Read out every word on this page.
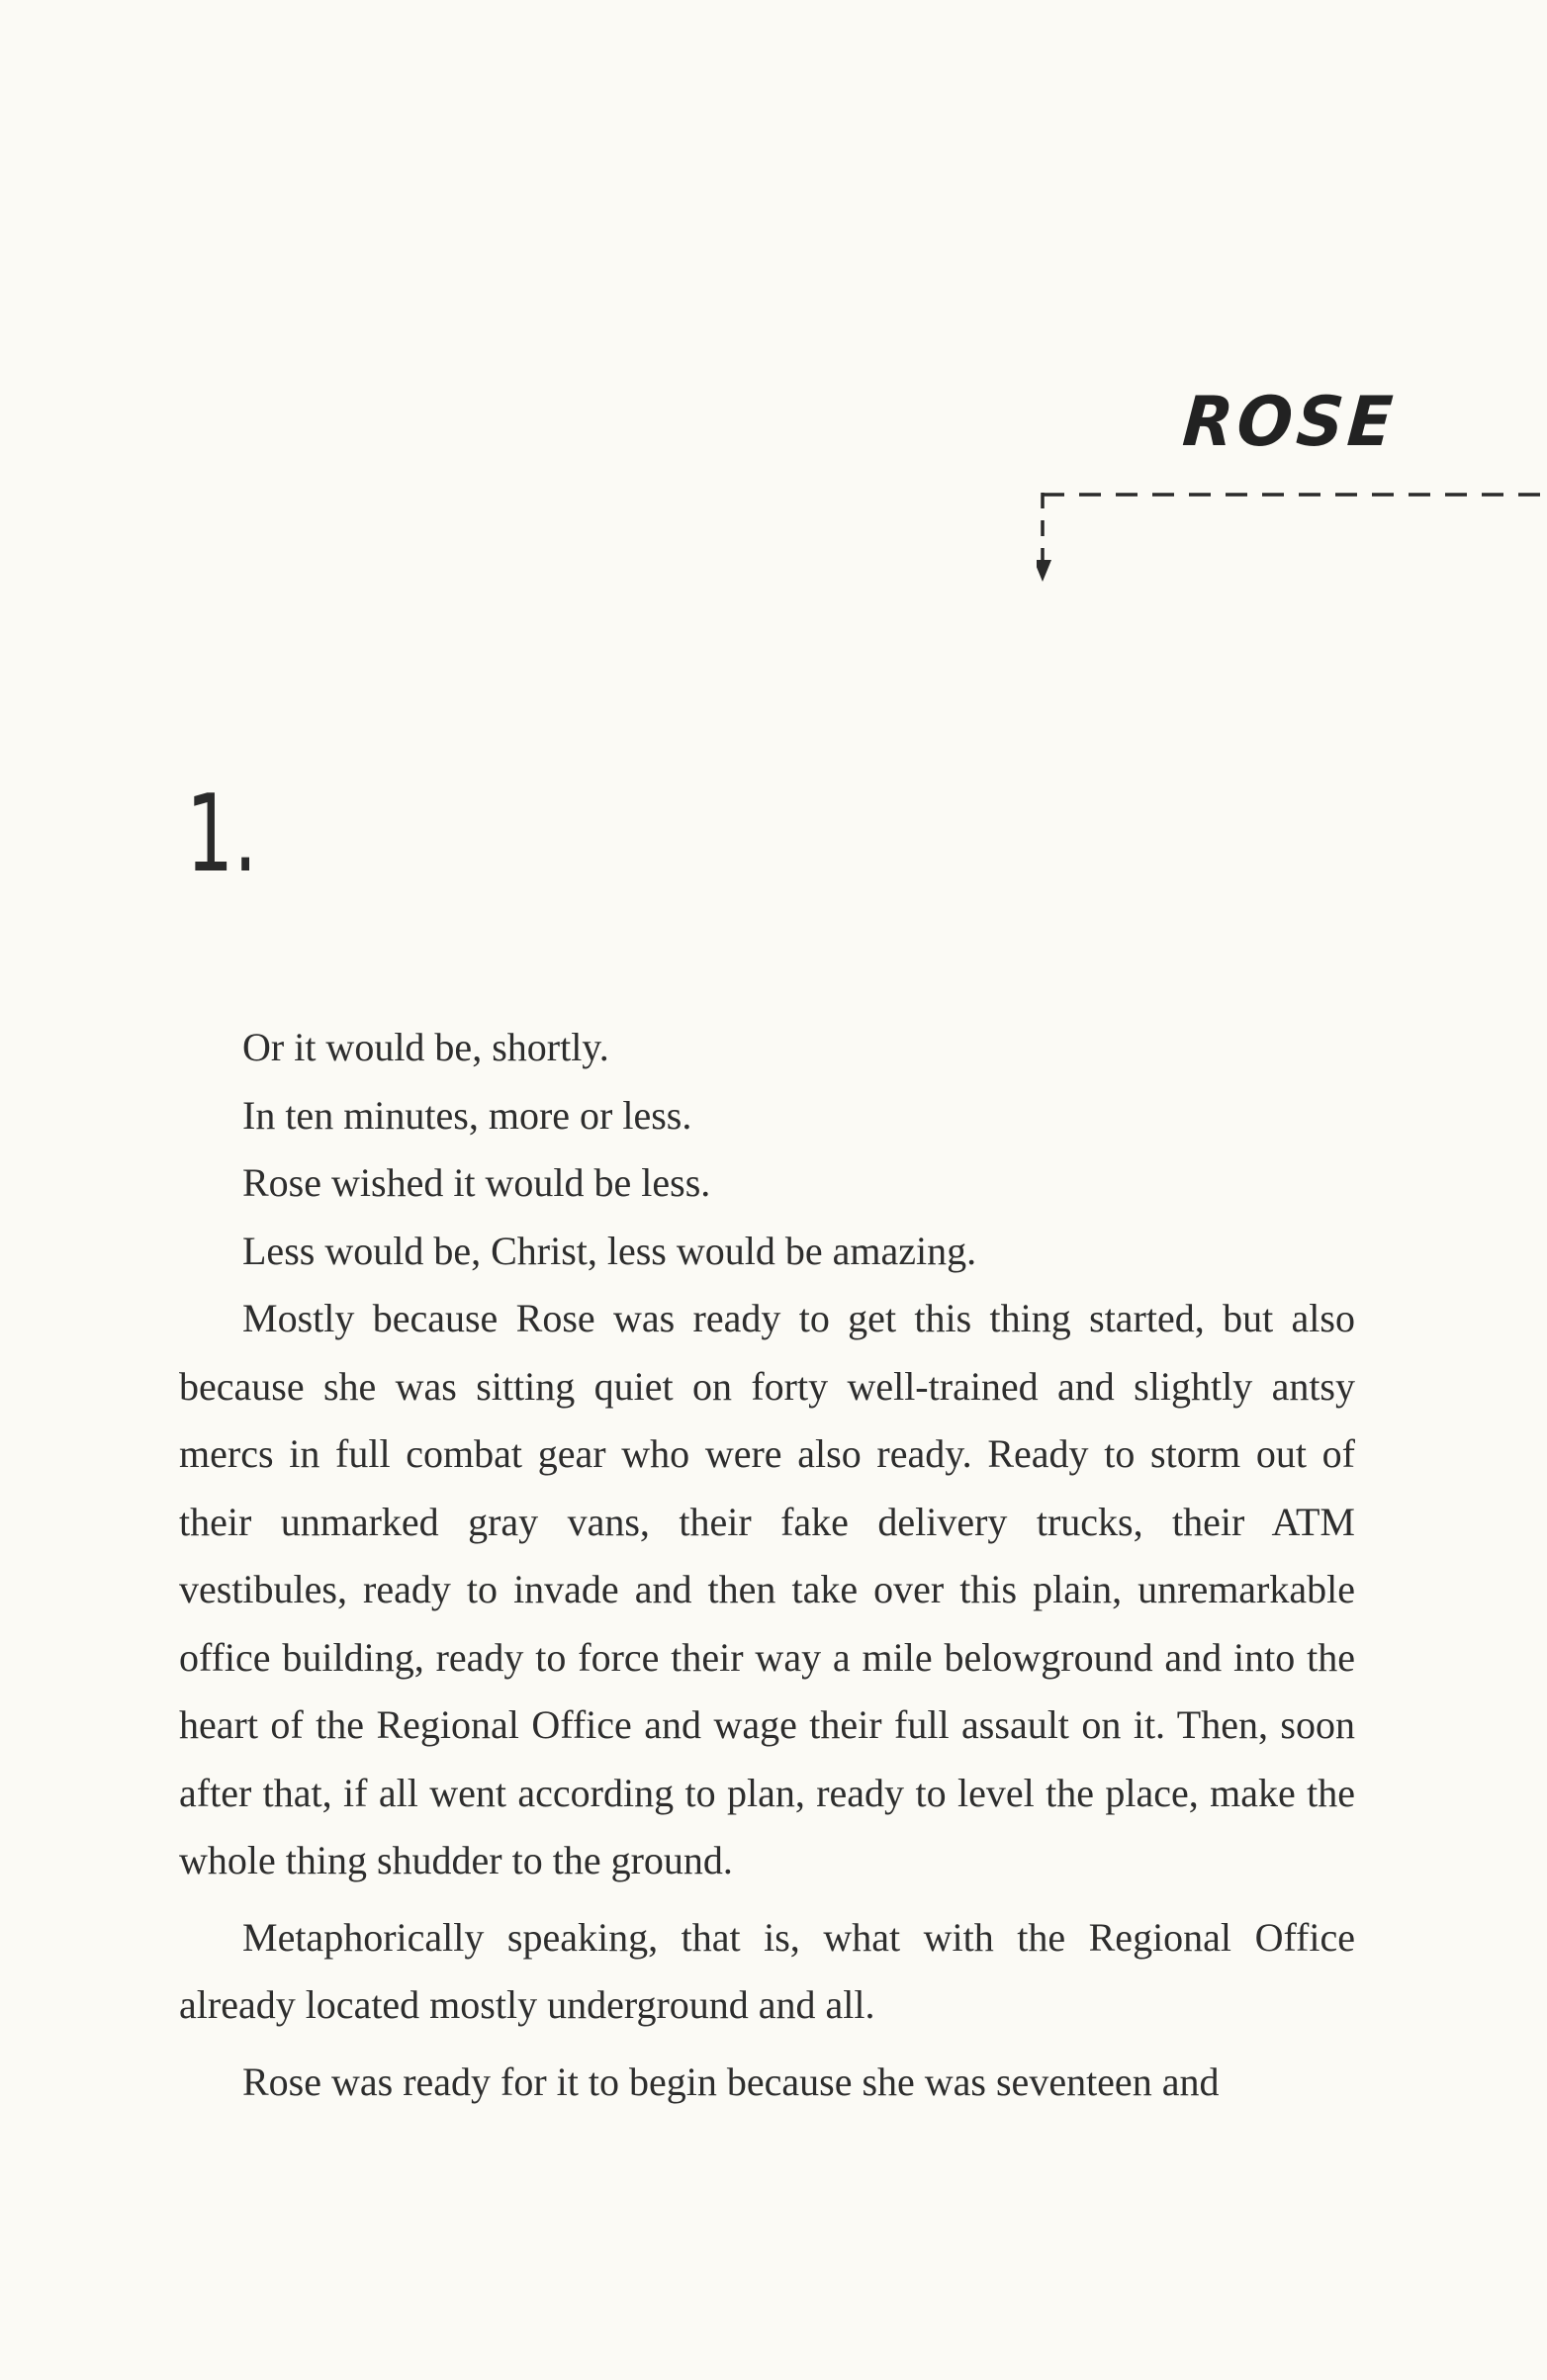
ROSE
1.

Or it would be, shortly.

In ten minutes, more or less.

Rose wished it would be less.

Less would be, Christ, less would be amazing.

Mostly because Rose was ready to get this thing started, but also because she was sitting quiet on forty well-trained and slightly antsy mercs in full combat gear who were also ready. Ready to storm out of their unmarked gray vans, their fake delivery trucks, their ATM vestibules, ready to invade and then take over this plain, unremarkable office building, ready to force their way a mile belowground and into the heart of the Regional Office and wage their full assault on it. Then, soon after that, if all went according to plan, ready to level the place, make the whole thing shudder to the ground.

Metaphorically speaking, that is, what with the Regional Office already located mostly underground and all.

Rose was ready for it to begin because she was seventeen and
